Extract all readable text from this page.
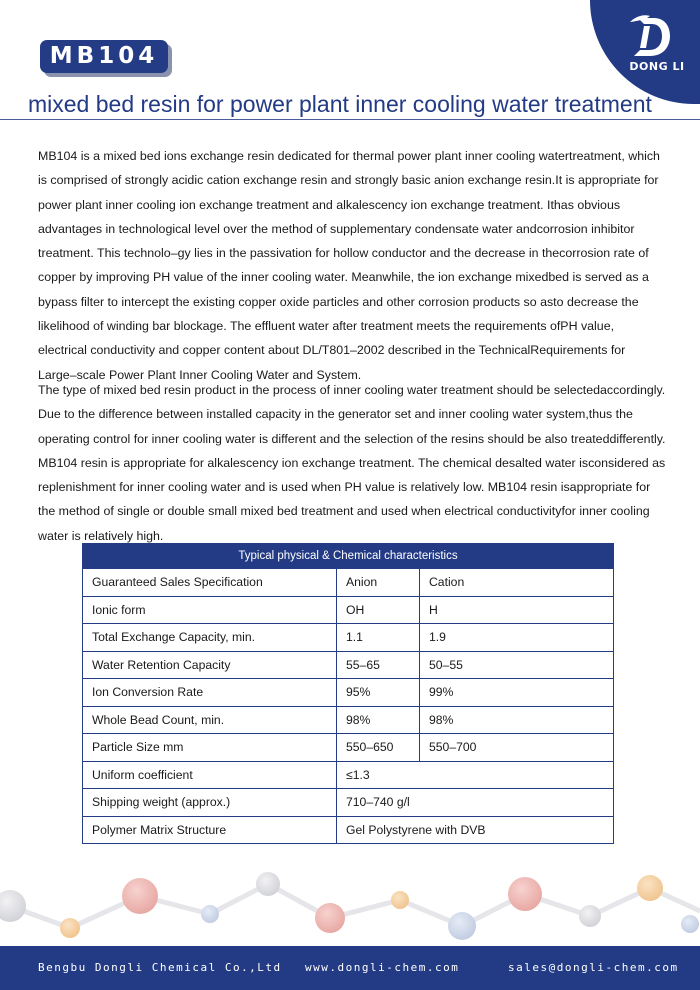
MB104	DONG LI
mixed bed resin for power plant inner cooling water treatment

MB104 is a mixed bed ions exchange resin dedicated for thermal power plant inner cooling watertreatment, which is comprised of strongly acidic cation exchange resin and strongly basic anion exchange resin.It is appropriate for power plant inner cooling ion exchange treatment and alkalescency ion exchange treatment. Ithas obvious advantages in technological level over the method of supplementary condensate water andcorrosion inhibitor treatment. This technolo–gy lies in the passivation for hollow conductor and the decrease in thecorrosion rate of copper by improving PH value of the inner cooling water. Meanwhile, the ion exchange mixedbed is served as a bypass filter to intercept the existing copper oxide particles and other corrosion products so asto decrease the likelihood of winding bar blockage. The effluent water after treatment meets the requirements ofPH value, electrical conductivity and copper content about DL/T801–2002 described in the TechnicalRequirements for Large–scale Power Plant Inner Cooling Water and System.

The type of mixed bed resin product in the process of inner cooling water treatment should be selectedaccordingly. Due to the difference between installed capacity in the generator set and inner cooling water system,thus the operating control for inner cooling water is different and the selection of the resins should be also treateddifferently. MB104 resin is appropriate for alkalescency ion exchange treatment. The chemical desalted water isconsidered as replenishment for inner cooling water and is used when PH value is relatively low. MB104 resin isappropriate for the method of single or double small mixed bed treatment and used when electrical conductivityfor inner cooling water is relatively high.

Typical physical & Chemical characteristics		
Guaranteed Sales Specification	Anion	Cation
Ionic form	OH	H
Total Exchange Capacity, min.	1.1	1.9
Water Retention Capacity	55–65	50–55
Ion Conversion Rate	95%	99%
Whole Bead Count, min.	98%	98%
Particle Size mm	550–650	550–700
Uniform coefficient	≤1.3	
Shipping weight (approx.)	710–740 g/l	
Polymer Matrix Structure	Gel Polystyrene with DVB	
Bengbu Dongli Chemical Co.,Ltd www.dongli-chem.com	sales@dongli-chem.com
